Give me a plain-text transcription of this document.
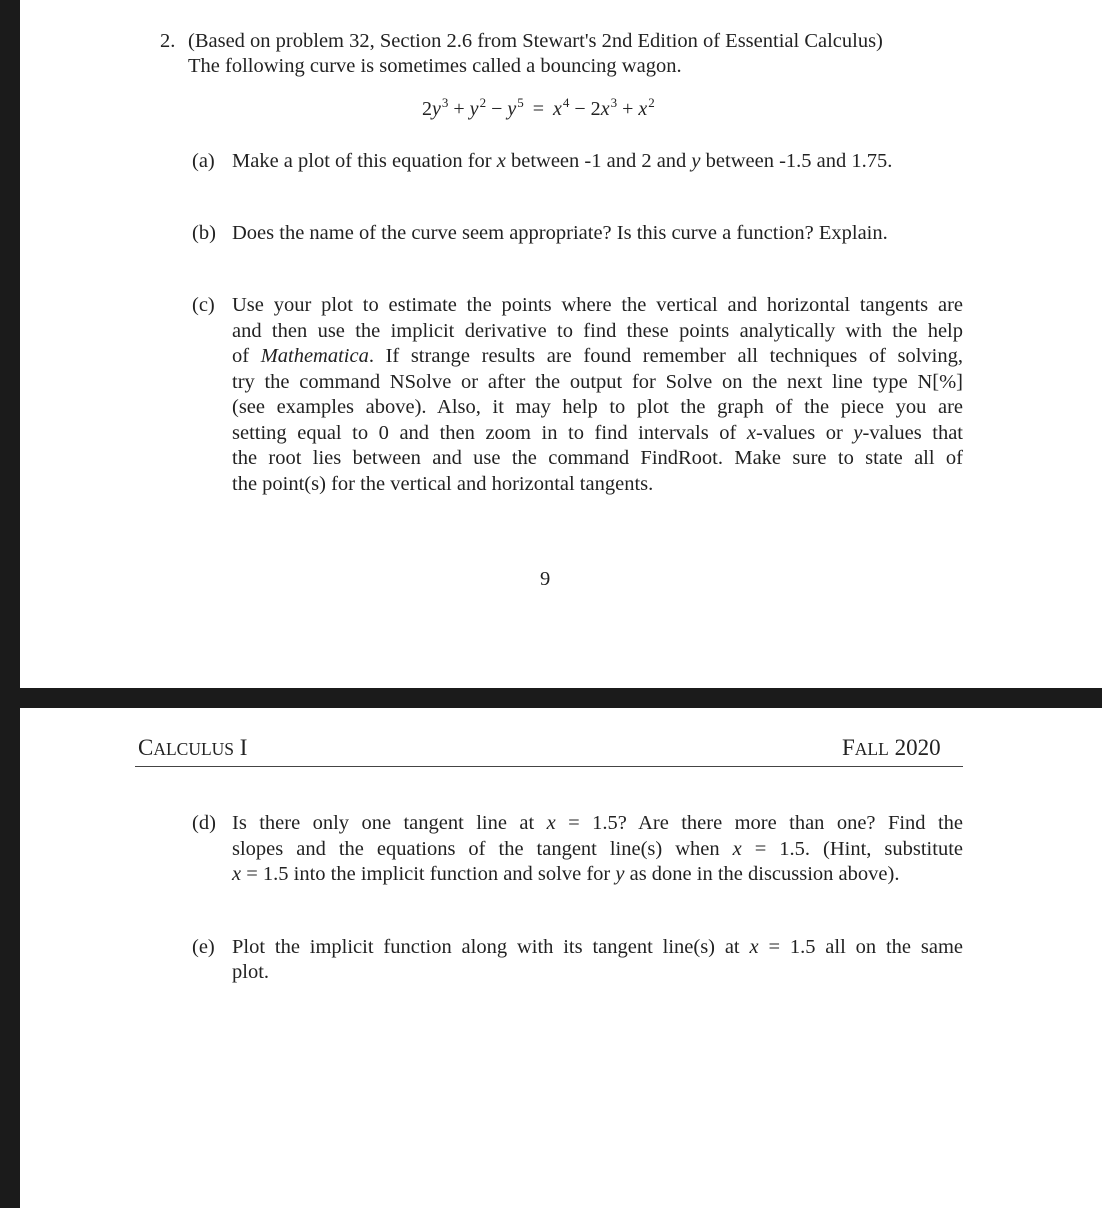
2. (Based on problem 32, Section 2.6 from Stewart's 2nd Edition of Essential Calculus)
The following curve is sometimes called a bouncing wagon.
$2y^3 + y^2 - y^5 = x^4 - 2x^3 + x^2$
(a) Make a plot of this equation for x between -1 and 2 and y between -1.5 and 1.75.
(b) Does the name of the curve seem appropriate? Is this curve a function? Explain.
(c) Use your plot to estimate the points where the vertical and horizontal tangents are
and then use the implicit derivative to find these points analytically with the help
of Mathematica. If strange results are found remember all techniques of solving,
try the command NSolve or after the output for Solve on the next line type N[%]
(see examples above). Also, it may help to plot the graph of the piece you are
setting equal to 0 and then zoom in to find intervals of x-values or y-values that
the root lies between and use the command FindRoot. Make sure to state all of
the point(s) for the vertical and horizontal tangents.
9
CALCULUS I	FALL 2020
(d) Is there only one tangent line at x = 1.5? Are there more than one? Find the
slopes and the equations of the tangent line(s) when x = 1.5. (Hint, substitute
x = 1.5 into the implicit function and solve for y as done in the discussion above).
(e) Plot the implicit function along with its tangent line(s) at x = 1.5 all on the same
plot.
